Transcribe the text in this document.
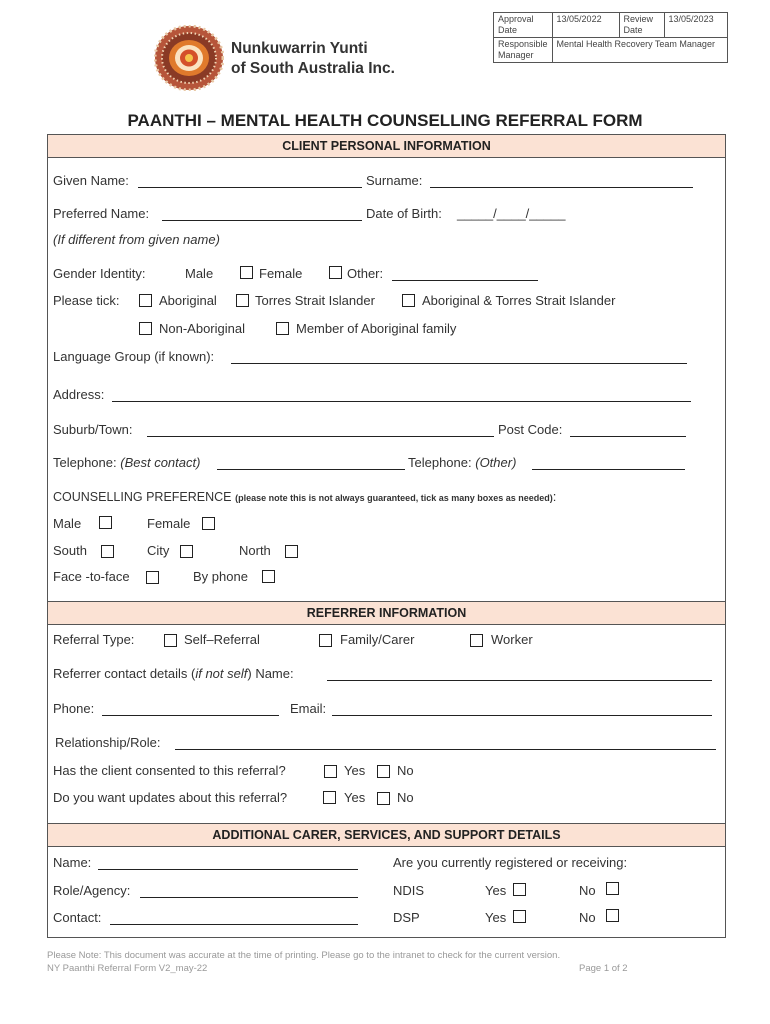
Nunkuwarrin Yunti
of South Australia Inc.
Approval Date	13/05/2022	Review Date	13/05/2023
Responsible Manager	Mental Health Recovery Team Manager		
PAANTHI – MENTAL HEALTH COUNSELLING REFERRAL FORM
CLIENT PERSONAL INFORMATION
Given Name:	Surname:
Preferred Name:	Date of Birth: _____/____/_____
(If different from given name)
Gender Identity:	Male	Female	Other:
Please tick:	Aboriginal	Torres Strait Islander	Aboriginal & Torres Strait Islander
Non-Aboriginal	Member of Aboriginal family
Language Group (if known):
Address:
Suburb/Town:	Post Code:
Telephone: (Best contact)	Telephone: (Other)
COUNSELLING PREFERENCE (please note this is not always guaranteed, tick as many boxes as needed):
Male	Female
South	City	North
Face -to-face	By phone
REFERRER INFORMATION
Referral Type:	Self–Referral	Family/Carer	Worker
Referrer contact details (if not self) Name:
Phone:	Email:
Relationship/Role:
Has the client consented to this referral?	Yes No
Do you want updates about this referral?	Yes No
ADDITIONAL CARER, SERVICES, AND SUPPORT DETAILS
Name:	Are you currently registered or receiving:
Role/Agency:	NDIS	Yes	No
Contact:	DSP	Yes	No
Please Note: This document was accurate at the time of printing. Please go to the intranet to check for the current version.
NY Paanthi Referral Form V2_may-22	Page 1 of 2
